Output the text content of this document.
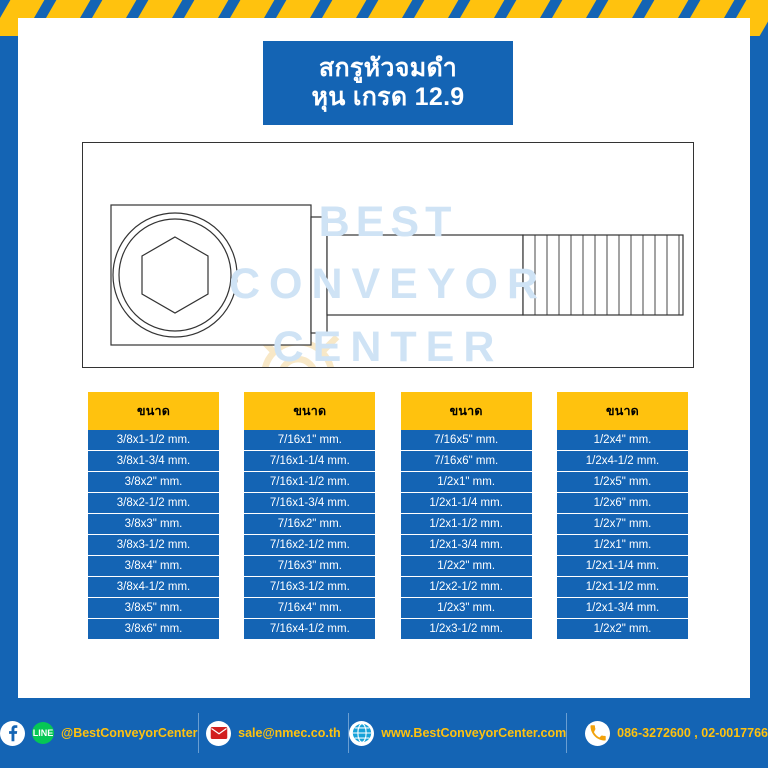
สกรูหัวจมดำ
หุน เกรด 12.9
BEST
CONVEYOR
CENTER
ขนาด
3/8x1-1/2 mm.
3/8x1-3/4 mm.
3/8x2" mm.
3/8x2-1/2 mm.
3/8x3" mm.
3/8x3-1/2 mm.
3/8x4" mm.
3/8x4-1/2 mm.
3/8x5" mm.
3/8x6" mm.
ขนาด
7/16x1" mm.
7/16x1-1/4 mm.
7/16x1-1/2 mm.
7/16x1-3/4 mm.
7/16x2" mm.
7/16x2-1/2 mm.
7/16x3" mm.
7/16x3-1/2 mm.
7/16x4" mm.
7/16x4-1/2 mm.
ขนาด
7/16x5" mm.
7/16x6" mm.
1/2x1" mm.
1/2x1-1/4 mm.
1/2x1-1/2 mm.
1/2x1-3/4 mm.
1/2x2" mm.
1/2x2-1/2 mm.
1/2x3" mm.
1/2x3-1/2 mm.
ขนาด
1/2x4" mm.
1/2x4-1/2 mm.
1/2x5" mm.
1/2x6" mm.
1/2x7" mm.
1/2x1" mm.
1/2x1-1/4 mm.
1/2x1-1/2 mm.
1/2x1-3/4 mm.
1/2x2" mm.
LINE @BestConveyorCenter	sale@nmec.co.th	www.BestConveyorCenter.com	086-3272600 , 02-0017766
